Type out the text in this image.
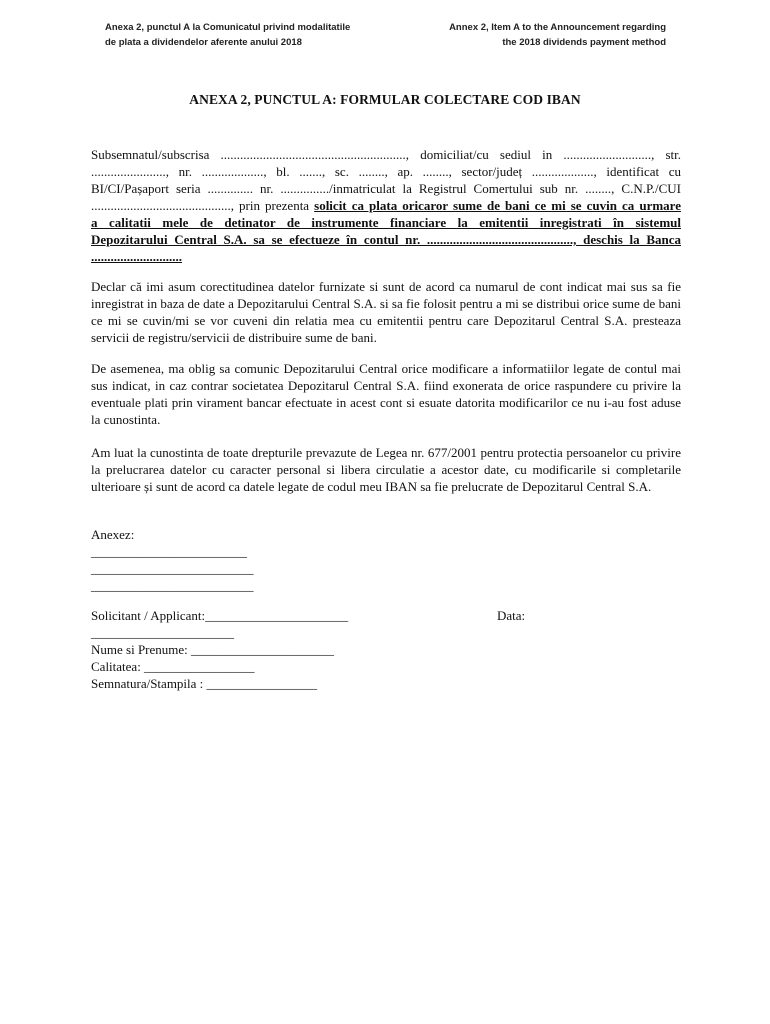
Anexa 2, punctul A la Comunicatul privind modalitatile
de plata a dividendelor aferente anului 2018
Annex 2, Item A to the Announcement regarding
the 2018 dividends payment method
ANEXA 2, PUNCTUL A: FORMULAR COLECTARE COD IBAN
Subsemnatul/subscrisa ........................................................., domiciliat/cu sediul in ..........................., str.
......................., nr. ..................., bl. ......., sc. ........, ap. ........, sector/județ ..................., identificat cu
BI/CI/Pașaport seria .............. nr. .............../inmatriculat la Registrul Comertului sub nr. ........, C.N.P./CUI
..........................................., prin prezenta solicit ca plata oricaror sume de bani ce mi se cuvin ca urmare
a calitatii mele de detinator de instrumente financiare la emitentii inregistrati în sistemul
Depozitarului Central S.A. sa se efectueze în contul nr. ............................................., deschis la Banca
............................
Declar că imi asum corectitudinea datelor furnizate si sunt de acord ca numarul de cont indicat mai sus sa fie inregistrat in baza de date a Depozitarului Central S.A. si sa fie folosit pentru a mi se distribui orice sume de bani ce mi se cuvin/mi se vor cuveni din relatia mea cu emitentii pentru care Depozitarul Central S.A. presteaza servicii de registru/servicii de distribuire sume de bani.
De asemenea, ma oblig sa comunic Depozitarului Central orice modificare a informatiilor legate de contul mai sus indicat, in caz contrar societatea Depozitarul Central S.A. fiind exonerata de orice raspundere cu privire la eventuale plati prin virament bancar efectuate in acest cont si esuate datorita modificarilor ce nu i-au fost aduse la cunostinta.
Am luat la cunostinta de toate drepturile prevazute de Legea nr. 677/2001 pentru protectia persoanelor cu privire la prelucrarea datelor cu caracter personal si libera circulatie a acestor date, cu modificarile si completarile ulterioare și sunt de acord ca datele legate de codul meu IBAN sa fie prelucrate de Depozitarul Central S.A.
Anexez:
________________________
_________________________
_________________________
Solicitant / Applicant:______________________
______________________
Nume si Prenume: ______________________
Calitatea: _________________
Semnatura/Stampila : _________________
Data:
